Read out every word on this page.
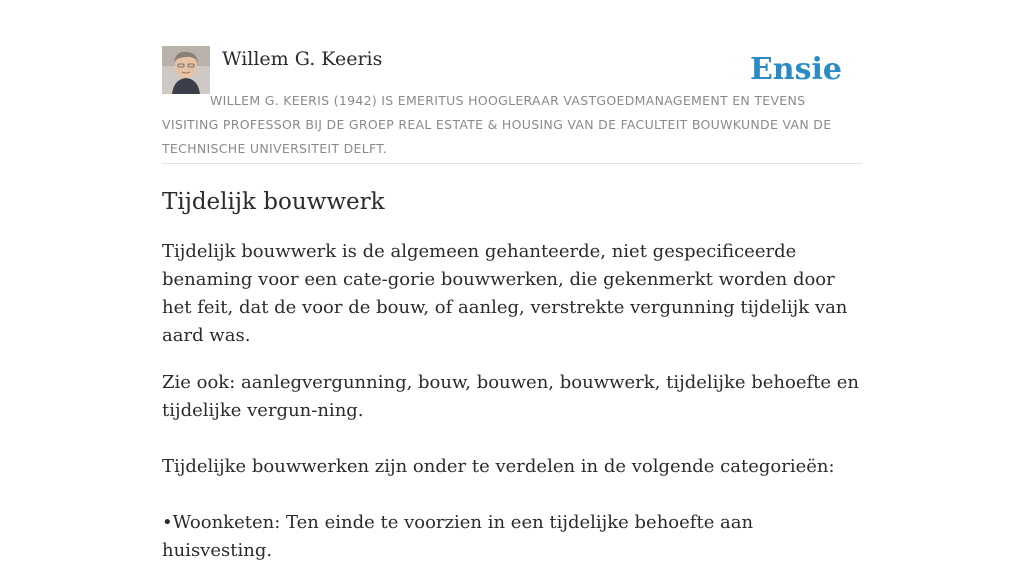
Willem G. Keeris	Ensie
WILLEM G. KEERIS (1942) IS EMERITUS HOOGLERAAR VASTGOEDMANAGEMENT EN TEVENS VISITING PROFESSOR BIJ DE GROEP REAL ESTATE & HOUSING VAN DE FACULTEIT BOUWKUNDE VAN DE TECHNISCHE UNIVERSITEIT DELFT.
Tijdelijk bouwwerk

Tijdelijk bouwwerk is de algemeen gehanteerde, niet gespecificeerde benaming voor een cate-gorie bouwwerken, die gekenmerkt worden door het feit, dat de voor de bouw, of aanleg, verstrekte vergunning tijdelijk van aard was.

Zie ook: aanlegvergunning, bouw, bouwen, bouwwerk, tijdelijke behoefte en tijdelijke vergun-ning.

Tijdelijke bouwwerken zijn onder te verdelen in de volgende categorieën:

•Woonketen: Ten einde te voorzien in een tijdelijke behoefte aan huisvesting.
